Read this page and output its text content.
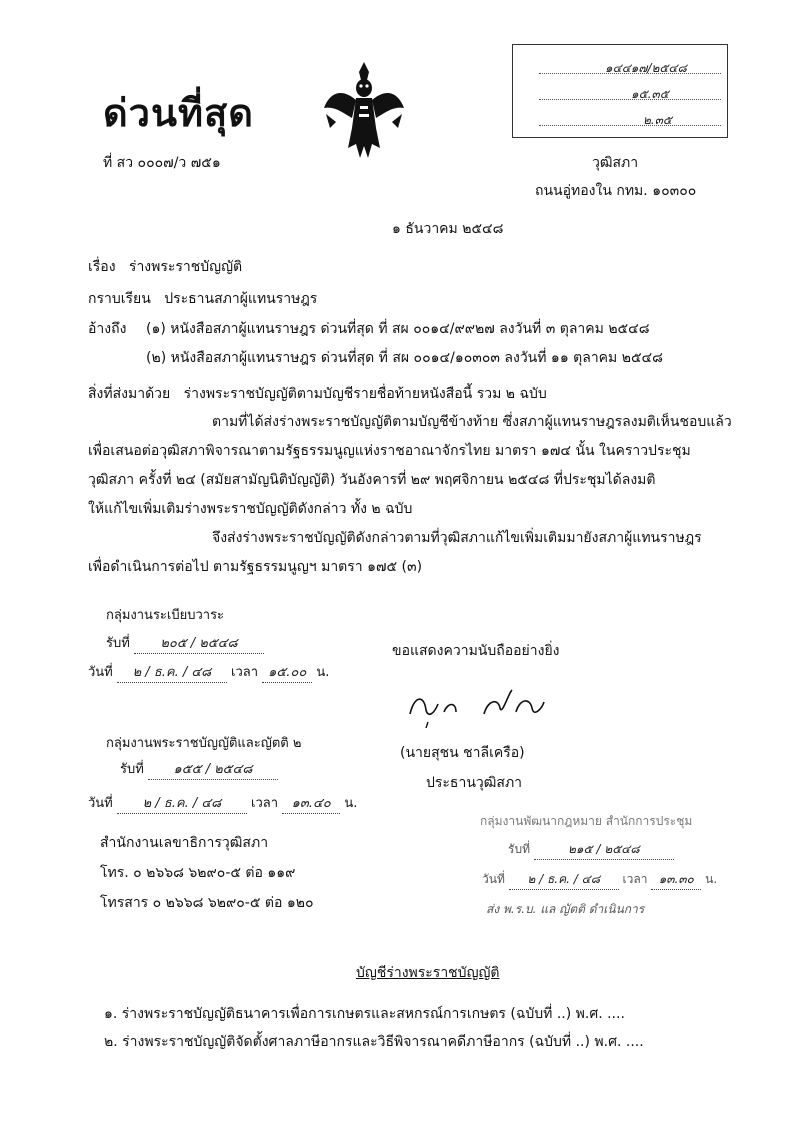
ด่วนที่สุด
๑๔๔๑๗/๒๕๔๘
๑๕.๓๕
๒.๓๕
ที่ สว ๐๐๐๗/ว ๗๕๑	วุฒิสภา
ถนนอู่ทองใน กทม. ๑๐๓๐๐
๑ ธันวาคม ๒๕๔๘
เรื่อง ร่างพระราชบัญญัติ
กราบเรียน ประธานสภาผู้แทนราษฎร
อ้างถึง (๑) หนังสือสภาผู้แทนราษฎร ด่วนที่สุด ที่ สผ ๐๐๑๔/๙๙๒๗ ลงวันที่ ๓ ตุลาคม ๒๕๔๘
(๒) หนังสือสภาผู้แทนราษฎร ด่วนที่สุด ที่ สผ ๐๐๑๔/๑๐๓๐๓ ลงวันที่ ๑๑ ตุลาคม ๒๕๔๘
สิ่งที่ส่งมาด้วย ร่างพระราชบัญญัติตามบัญชีรายชื่อท้ายหนังสือนี้ รวม ๒ ฉบับ
ตามที่ได้ส่งร่างพระราชบัญญัติตามบัญชีข้างท้าย ซึ่งสภาผู้แทนราษฎรลงมติเห็นชอบแล้ว
เพื่อเสนอต่อวุฒิสภาพิจารณาตามรัฐธรรมนูญแห่งราชอาณาจักรไทย มาตรา ๑๗๔ นั้น ในคราวประชุม
วุฒิสภา ครั้งที่ ๒๔ (สมัยสามัญนิติบัญญัติ) วันอังคารที่ ๒๙ พฤศจิกายน ๒๕๔๘ ที่ประชุมได้ลงมติ
ให้แก้ไขเพิ่มเติมร่างพระราชบัญญัติดังกล่าว ทั้ง ๒ ฉบับ
จึงส่งร่างพระราชบัญญัติดังกล่าวตามที่วุฒิสภาแก้ไขเพิ่มเติมมายังสภาผู้แทนราษฎร
เพื่อดำเนินการต่อไป ตามรัฐธรรมนูญฯ มาตรา ๑๗๕ (๓)
กลุ่มงานระเบียบวาระ
รับที่ ๒๐๕ / ๒๕๔๘
วันที่ ๒ / ธ.ค. / ๔๘ เวลา ๑๕.๐๐ น.
ขอแสดงความนับถืออย่างยิ่ง
(นายสุชน ชาลีเครือ)
ประธานวุฒิสภา
กลุ่มงานพระราชบัญญัติและญัตติ ๒
รับที่ ๑๕๕ / ๒๕๔๘
วันที่ ๒ / ธ.ค. / ๔๘ เวลา ๑๓.๔๐ น.
กลุ่มงานพัฒนากฎหมาย สำนักการประชุม
รับที่	๒๑๕ / ๒๕๔๘
วันที่ ๒ / ธ.ค. / ๔๘ เวลา ๑๓.๓๐ น.
ส่ง พ.ร.บ. แล ญัตติ ดำเนินการ
สำนักงานเลขาธิการวุฒิสภา
โทร. ๐ ๒๖๖๘ ๖๒๙๐-๕ ต่อ ๑๑๙
โทรสาร ๐ ๒๖๖๘ ๖๒๙๐-๕ ต่อ ๑๒๐
บัญชีร่างพระราชบัญญัติ
๑. ร่างพระราชบัญญัติธนาคารเพื่อการเกษตรและสหกรณ์การเกษตร (ฉบับที่ ..) พ.ศ. ....
๒. ร่างพระราชบัญญัติจัดตั้งศาลภาษีอากรและวิธีพิจารณาคดีภาษีอากร (ฉบับที่ ..) พ.ศ. ....
